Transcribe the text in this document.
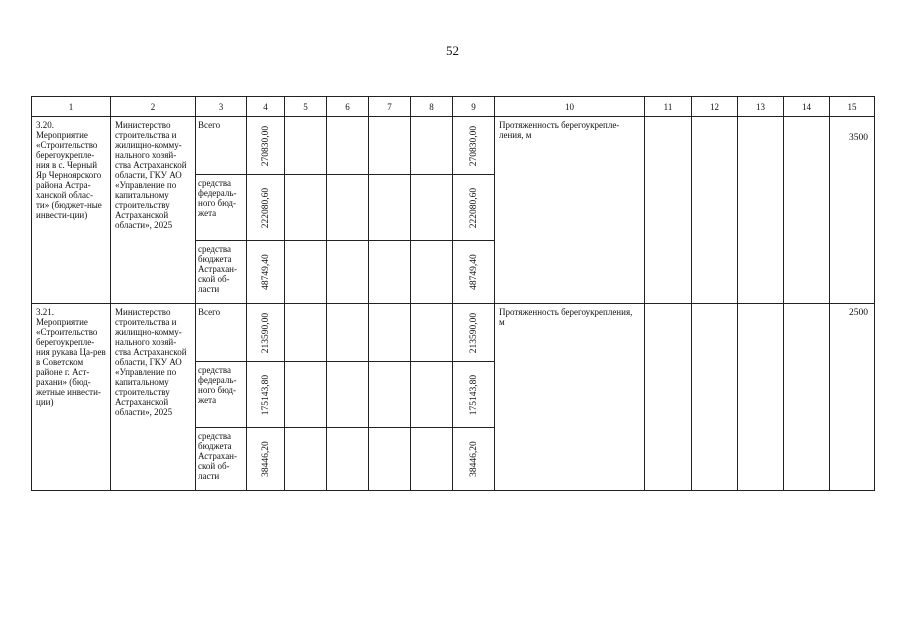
52
1	2	3	4	5	6	7	8	9	10	11	12	13	14	15

3.20. Мероприятие «Строительство берегоукрепле-ния в с. Черный Яр Черноярского района Астра-ханской облас-ти» (бюджет-ные инвести-ции)	Министерство строительства и жилищно-комму-нального хозяй-ства Астраханской области, ГКУ АО «Управление по капитальному строительству Астраханской области», 2025	Всего	270830,00					270830,00	Протяженность берегоукрепле-ления, м					3500

		средства федераль-ного бюд-жета	222080,60					222080,60						

		средства бюджета Астрахан-ской об-ласти	48749,40					48749,40						

3.21. Мероприятие «Строительство берегоукрепле-ния рукава Ца-рев в Советском районе г. Аст-рахани» (бюд-жетные инвести-ции)	Министерство строительства и жилищно-комму-нального хозяй-ства Астраханской области, ГКУ АО «Управление по капитальному строительству Астраханской области», 2025	Всего	213590,00					213590,00	Протяженность берегоукрепления, м					2500

		средства федераль-ного бюд-жета	175143,80					175143,80						

		средства бюджета Астрахан-ской об-ласти	38446,20					38446,20						
